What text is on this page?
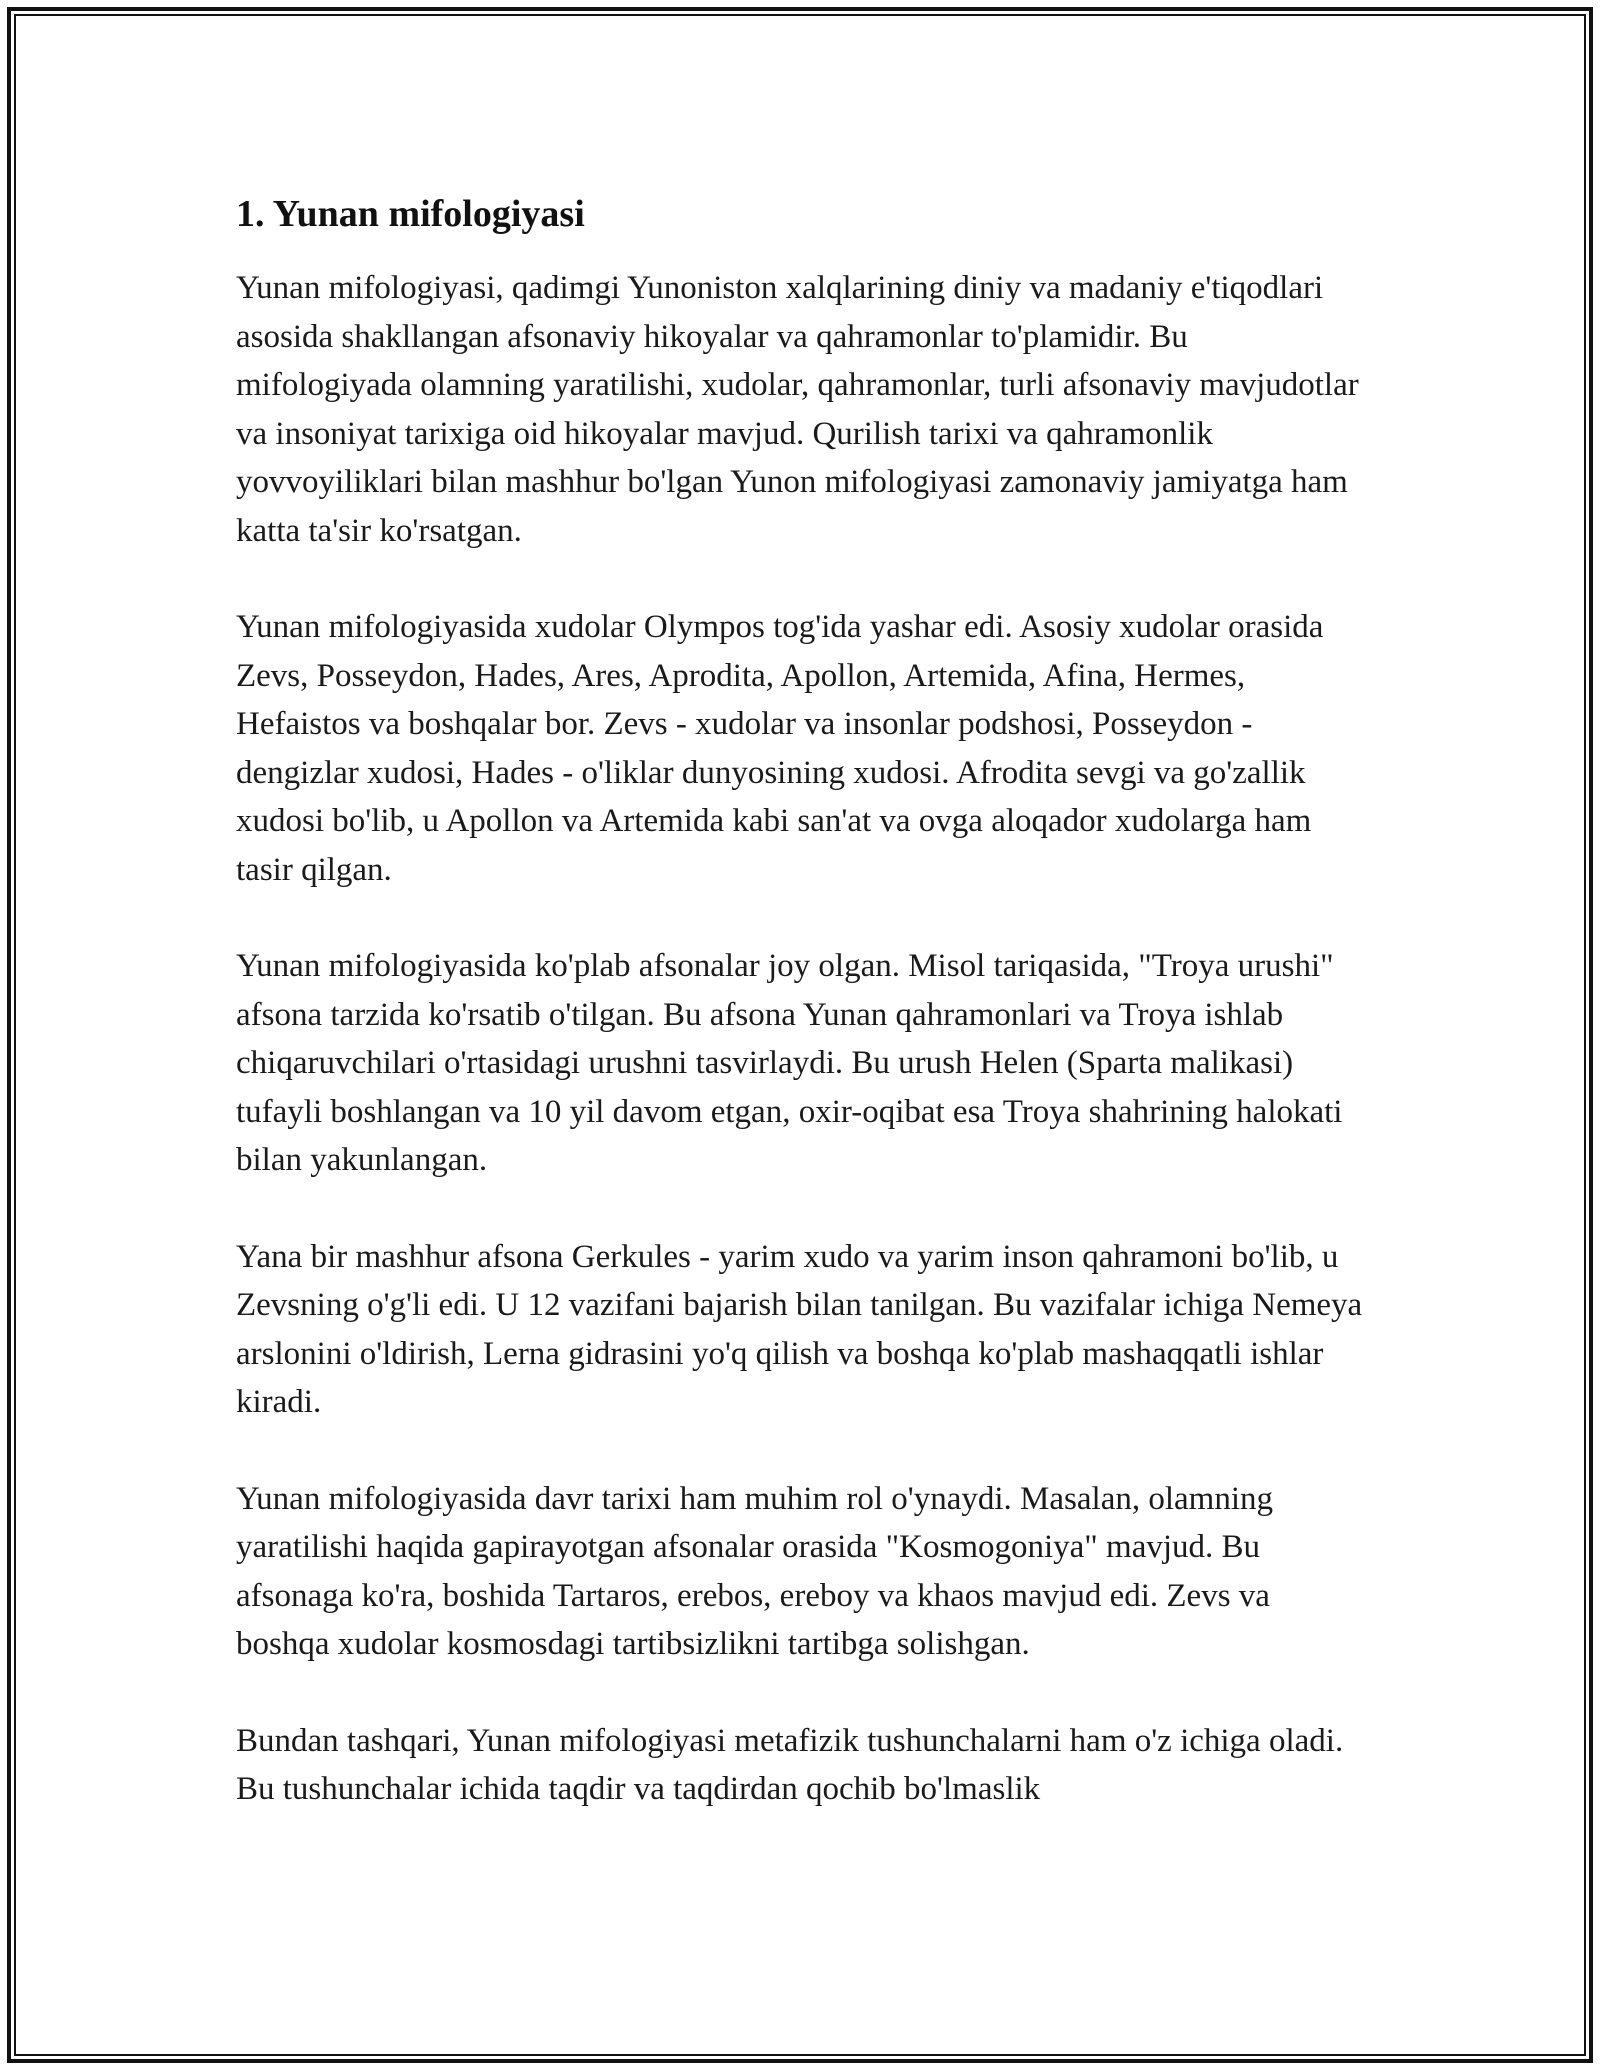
1. Yunan mifologiyasi

Yunan mifologiyasi, qadimgi Yunoniston xalqlarining diniy va madaniy e'tiqodlari asosida shakllangan afsonaviy hikoyalar va qahramonlar to'plamidir. Bu mifologiyada olamning yaratilishi, xudolar, qahramonlar, turli afsonaviy mavjudotlar va insoniyat tarixiga oid hikoyalar mavjud. Qurilish tarixi va qahramonlik yovvoyiliklari bilan mashhur bo'lgan Yunon mifologiyasi zamonaviy jamiyatga ham katta ta'sir ko'rsatgan.

Yunan mifologiyasida xudolar Olympos tog'ida yashar edi. Asosiy xudolar orasida Zevs, Posseydon, Hades, Ares, Aprodita, Apollon, Artemida, Afina, Hermes, Hefaistos va boshqalar bor. Zevs - xudolar va insonlar podshosi, Posseydon - dengizlar xudosi, Hades - o'liklar dunyosining xudosi. Afrodita sevgi va go'zallik xudosi bo'lib, u Apollon va Artemida kabi san'at va ovga aloqador xudolarga ham tasir qilgan.

Yunan mifologiyasida ko'plab afsonalar joy olgan. Misol tariqasida, "Troya urushi" afsona tarzida ko'rsatib o'tilgan. Bu afsona Yunan qahramonlari va Troya ishlab chiqaruvchilari o'rtasidagi urushni tasvirlaydi. Bu urush Helen (Sparta malikasi) tufayli boshlangan va 10 yil davom etgan, oxir-oqibat esa Troya shahrining halokati bilan yakunlangan.

Yana bir mashhur afsona Gerkules - yarim xudo va yarim inson qahramoni bo'lib, u Zevsning o'g'li edi. U 12 vazifani bajarish bilan tanilgan. Bu vazifalar ichiga Nemeya arslonini o'ldirish, Lerna gidrasini yo'q qilish va boshqa ko'plab mashaqqatli ishlar kiradi.

Yunan mifologiyasida davr tarixi ham muhim rol o'ynaydi. Masalan, olamning yaratilishi haqida gapirayotgan afsonalar orasida "Kosmogoniya" mavjud. Bu afsonaga ko'ra, boshida Tartaros, erebos, ereboy va khaos mavjud edi. Zevs va boshqa xudolar kosmosdagi tartibsizlikni tartibga solishgan.

Bundan tashqari, Yunan mifologiyasi metafizik tushunchalarni ham o'z ichiga oladi. Bu tushunchalar ichida taqdir va taqdirdan qochib bo'lmaslik
